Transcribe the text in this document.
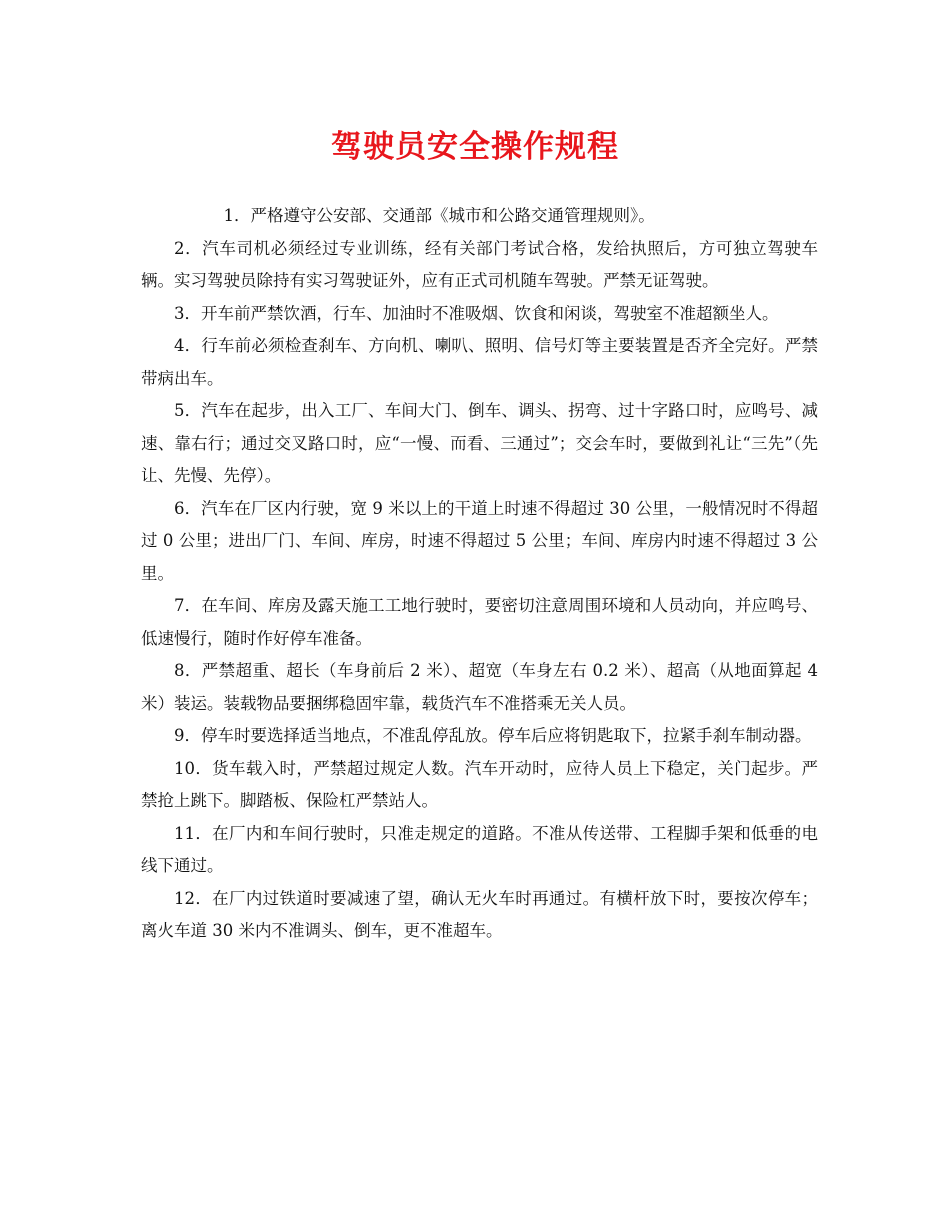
驾驶员安全操作规程

1．严格遵守公安部、交通部《城市和公路交通管理规则》。

2．汽车司机必须经过专业训练，经有关部门考试合格，发给执照后，方可独立驾驶车辆。实习驾驶员除持有实习驾驶证外，应有正式司机随车驾驶。严禁无证驾驶。

3．开车前严禁饮酒，行车、加油时不准吸烟、饮食和闲谈，驾驶室不准超额坐人。

4．行车前必须检查刹车、方向机、喇叭、照明、信号灯等主要装置是否齐全完好。严禁带病出车。

5．汽车在起步，出入工厂、车间大门、倒车、调头、拐弯、过十字路口时，应鸣号、减速、靠右行；通过交叉路口时，应“一慢、而看、三通过”；交会车时，要做到礼让“三先”（先让、先慢、先停）。

6．汽车在厂区内行驶，宽 9 米以上的干道上时速不得超过 30 公里，一般情况时不得超过 0 公里；进出厂门、车间、库房，时速不得超过 5 公里；车间、库房内时速不得超过 3 公里。

7．在车间、库房及露天施工工地行驶时，要密切注意周围环境和人员动向，并应鸣号、低速慢行，随时作好停车准备。

8．严禁超重、超长（车身前后 2 米）、超宽（车身左右 0.2 米）、超高（从地面算起 4 米）装运。装载物品要捆绑稳固牢靠，载货汽车不准搭乘无关人员。

9．停车时要选择适当地点，不准乱停乱放。停车后应将钥匙取下，拉紧手刹车制动器。

10．货车载入时，严禁超过规定人数。汽车开动时，应待人员上下稳定，关门起步。严禁抢上跳下。脚踏板、保险杠严禁站人。

11．在厂内和车间行驶时，只准走规定的道路。不准从传送带、工程脚手架和低垂的电线下通过。

12．在厂内过铁道时要减速了望，确认无火车时再通过。有横杆放下时，要按次停车；离火车道 30 米内不准调头、倒车，更不准超车。
